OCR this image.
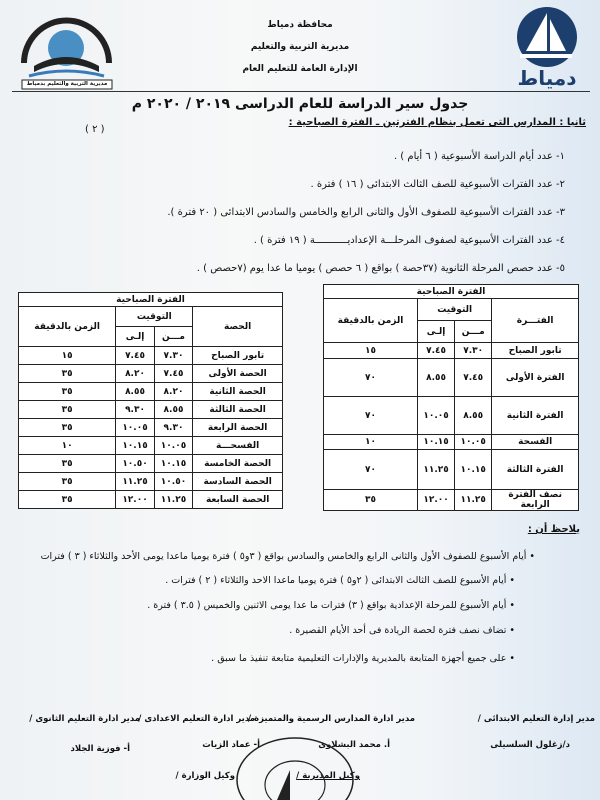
دمياط
مديرية التربية والتعليم بدمياط
محافظة دمياط
مديرية التربية والتعليم
الإدارة العامة للتعليم العام
جدول سير الدراسة للعام الدراسى ٢٠١٩ / ٢٠٢٠ م
ثانيا : المدارس التى تعمل بنظام الفترتين ـ الفترة الصباحية :
( ٢ )
١- عدد أيام الدراسة الأسبوعية ( ٦ أيام ) .
٢- عدد الفترات الأسبوعية للصف الثالث الابتدائى ( ١٦ ) فترة .
٣- عدد الفترات الأسبوعية للصفوف الأول والثانى الرابع والخامس والسادس الابتدائى ( ٢٠ فترة ).
٤- عدد الفترات الأسبوعية لصفوف المرحلـــة الإعداديـــــــــــة ( ١٩ فترة ) .
٥- عدد حصص المرحلة الثانوية (٣٧حصة ) بواقع ( ٦ حصص ) يوميا ما عدا يوم (٧حصص ) .
الفترة الصباحية			
الفتـــرة	التوقيت		الزمن بالدقيقة
	مـــن	إلـى	
تابور الصباح	٧.٣٠	٧.٤٥	١٥
الفترة الأولى	٧.٤٥	٨.٥٥	٧٠
الفترة الثانية	٨.٥٥	١٠.٠٥	٧٠
الفسحة	١٠.٠٥	١٠.١٥	١٠
الفترة الثالثة	١٠.١٥	١١.٢٥	٧٠
نصف الفترة الرابعة	١١.٢٥	١٢.٠٠	٣٥
الفترة الصباحية			
الحصة	التوقيت		الزمن بالدقيقة
	مـــن	إلـى	
تابور الصباح	٧.٣٠	٧.٤٥	١٥
الحصة الأولى	٧.٤٥	٨.٢٠	٣٥
الحصة الثانية	٨.٢٠	٨.٥٥	٣٥
الحصة الثالثة	٨.٥٥	٩.٣٠	٣٥
الحصة الرابعة	٩.٣٠	١٠.٠٥	٣٥
الفسحـــة	١٠.٠٥	١٠.١٥	١٠
الحصة الخامسة	١٠.١٥	١٠.٥٠	٣٥
الحصة السادسة	١٠.٥٠	١١.٢٥	٣٥
الحصة السابعة	١١.٢٥	١٢.٠٠	٣٥
يلاحظ أن :
• أيام الأسبوع للصفوف الأول والثانى الرابع والخامس والسادس بواقع ( ٣و٥ ) فترة يوميا ماعدا يومى الأحد والثلاثاء ( ٣ ) فترات
• أيام الأسبوع للصف الثالث الابتدائى ( ٢و٥ ) فترة يوميا ماعدا الاحد والثلاثاء ( ٢ ) فترات .
• أيام الأسبوع للمرحلة الإعدادية بواقع ( ٣) فترات ما عدا يومى الاثنين والخميس ( ٣.٥ ) فترة .
• تضاف نصف فترة لحصة الريادة فى أحد الأيام القصيرة .
• على جميع أجهزة المتابعة بالمديرية والإدارات التعليمية متابعة تنفيذ ما سبق .
مدير إدارة التعليم الابتدائى /
د/زغلول السلسيلى
مدير ادارة المدارس الرسمية والمتميزة /
أ. محمد البشلاوى
مدير ادارة التعليم الاعدادى /
أ- عماد الزيات
مدير ادارة التعليم الثانوى /
أ- فوزية الجلاد
وكيل المديرية /
وكيل الوزارة /
